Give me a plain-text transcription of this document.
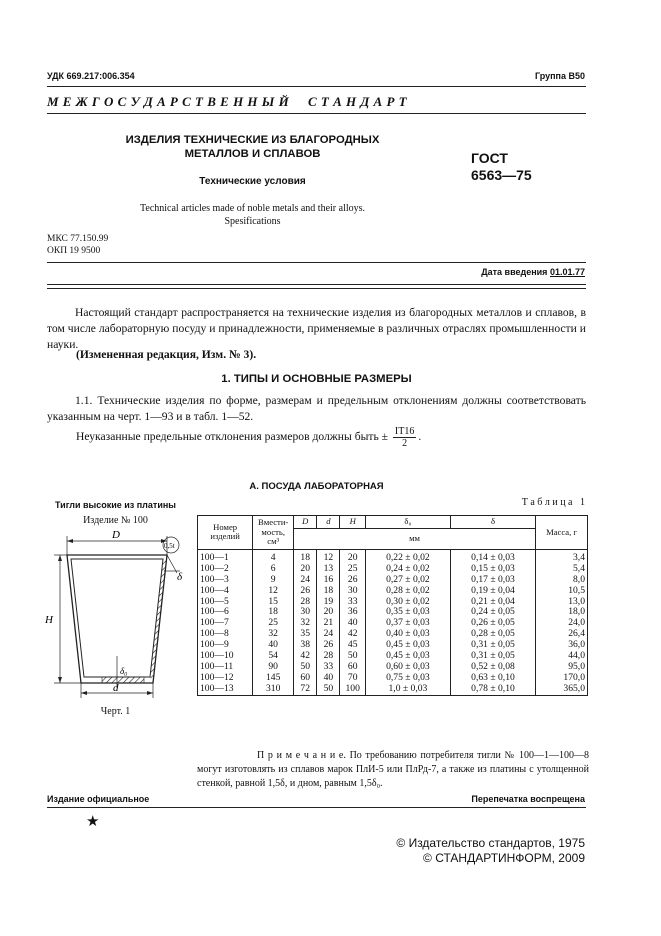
УДК 669.217:006.354	Группа В50
М Е Ж Г О С У Д А Р С Т В Е Н Н Ы Й     С Т А Н Д А Р Т
ИЗДЕЛИЯ ТЕХНИЧЕСКИЕ ИЗ БЛАГОРОДНЫХ
МЕТАЛЛОВ И СПЛАВОВ
Технические условия
Technical articles made of noble metals and their alloys.
Spesifications
ГОСТ
6563—75
МКС 77.150.99
ОКП 19 9500
Дата введения 01.01.77
Настоящий стандарт распространяется на технические изделия из благородных металлов и сплавов, в том числе лабораторную посуду и принадлежности, применяемые в различных отраслях промышленности и науки.
(Измененная редакция, Изм. № 3).
1. ТИПЫ И ОСНОВНЫЕ РАЗМЕРЫ
1.1. Технические изделия по форме, размерам и предельным отклонениям должны соответствовать указанным на черт. 1—93 и в табл. 1—52.
Неуказанные предельные отклонения размеров должны быть ± $\frac{IT16}{2}$ .
А. ПОСУДА ЛАБОРАТОРНАЯ
Тигли высокие из платины
Изделие № 100
D
H
d
δ
δ₀
0,5t
Черт. 1
Т а б л и ц а   1
Номер изделий	Вмести-мость, см³	D	d	H	δ₀	δ	Масса, г
		мм					
100—1	4	18	12	20	0,22 ± 0,02	0,14 ± 0,03	3,4
100—2	6	20	13	25	0,24 ± 0,02	0,15 ± 0,03	5,4
100—3	9	24	16	26	0,27 ± 0,02	0,17 ± 0,03	8,0
100—4	12	26	18	30	0,28 ± 0,02	0,19 ± 0,04	10,5
100—5	15	28	19	33	0,30 ± 0,02	0,21 ± 0,04	13,0
100—6	18	30	20	36	0,35 ± 0,03	0,24 ± 0,05	18,0
100—7	25	32	21	40	0,37 ± 0,03	0,26 ± 0,05	24,0
100—8	32	35	24	42	0,40 ± 0,03	0,28 ± 0,05	26,4
100—9	40	38	26	45	0,45 ± 0,03	0,31 ± 0,05	36,0
100—10	54	42	28	50	0,45 ± 0,03	0,31 ± 0,05	44,0
100—11	90	50	33	60	0,60 ± 0,03	0,52 ± 0,08	95,0
100—12	145	60	40	70	0,75 ± 0,03	0,63 ± 0,10	170,0
100—13	310	72	50	100	1,0 ± 0,03	0,78 ± 0,10	365,0
П р и м е ч а н и е. По требованию потребителя тигли № 100—1—100—8 могут изготовлять из сплавов марок ПлИ-5 или ПлРд-7, а также из платины с утолщенной стенкой, равной 1,5δ, и дном, равным 1,5δ₀.
Издание официальное	Перепечатка воспрещена
★
© Издательство стандартов, 1975
© СТАНДАРТИНФОРМ, 2009
